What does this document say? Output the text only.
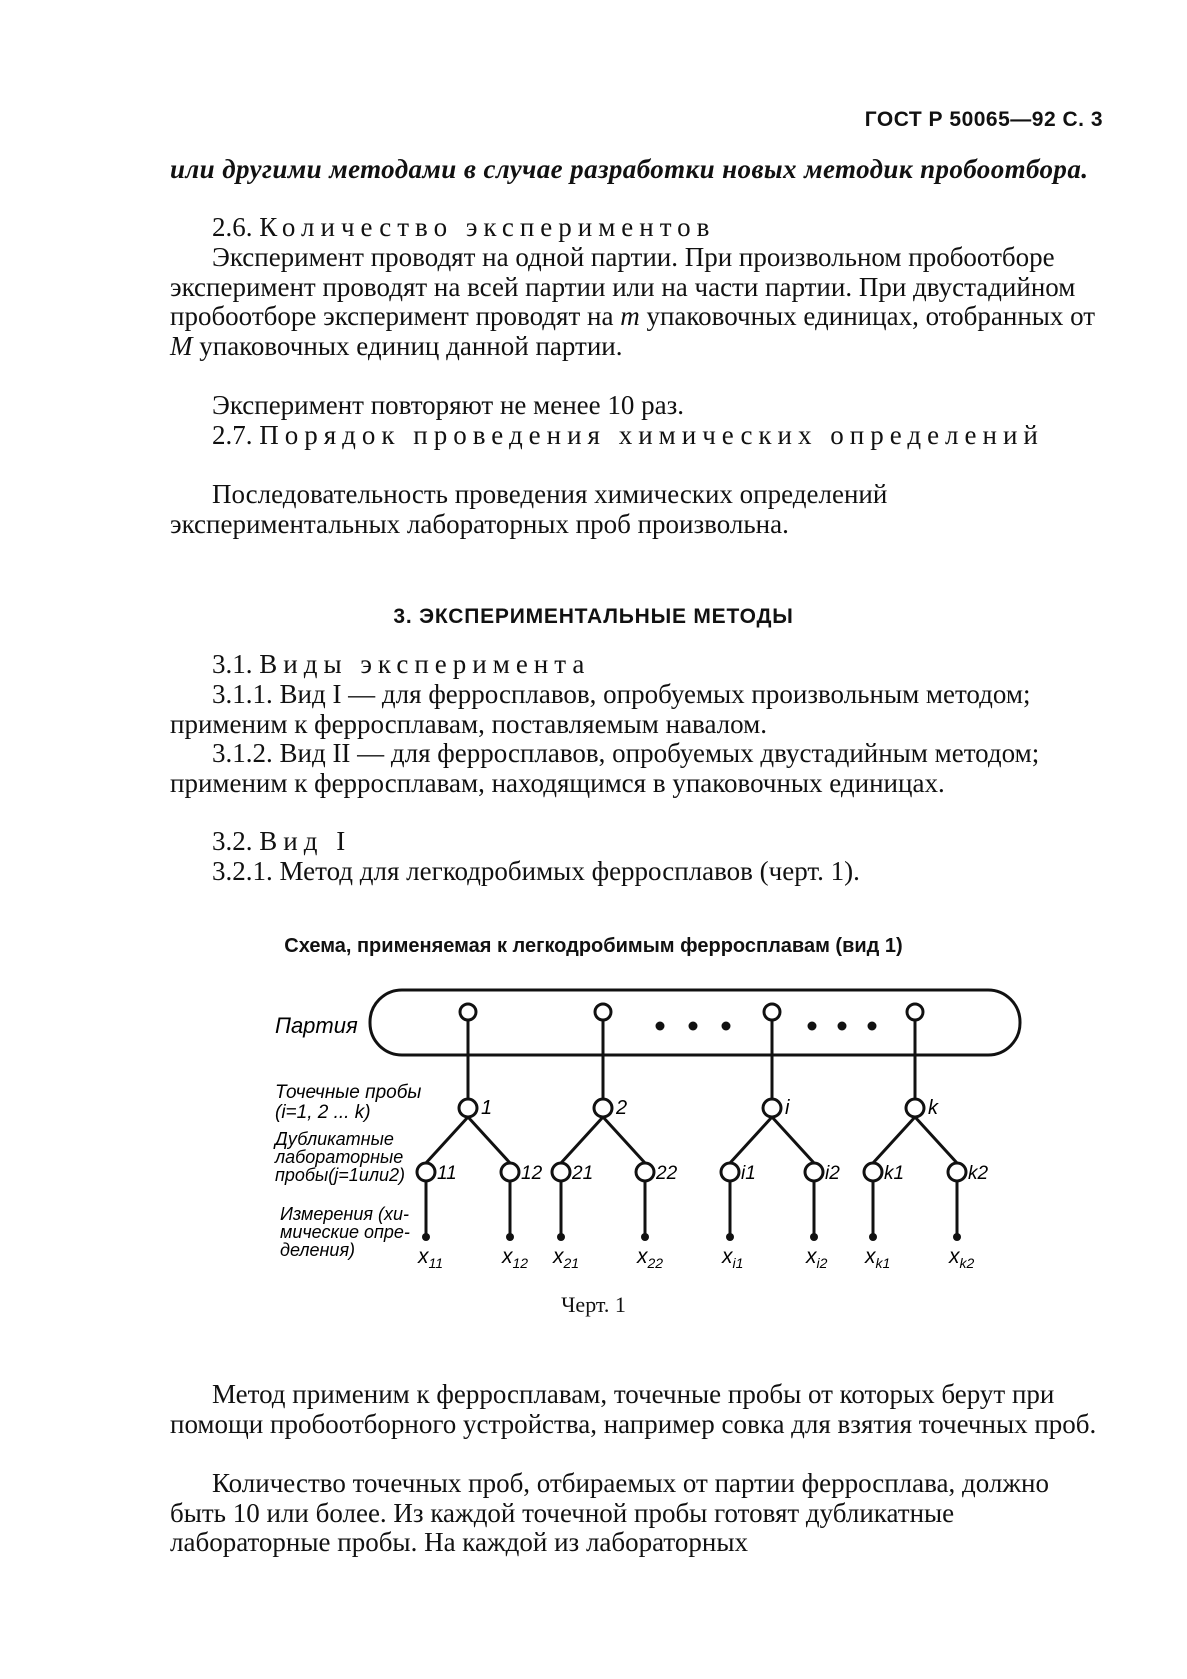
ГОСТ Р 50065—92 С. 3
или другими методами в случае разработки новых методик пробоотбора.
2.6. Количество экспериментов
Эксперимент проводят на одной партии. При произвольном пробоотборе эксперимент проводят на всей партии или на части партии. При двустадийном пробоотборе эксперимент проводят на m упаковочных единицах, отобранных от M упаковочных единиц данной партии.
Эксперимент повторяют не менее 10 раз.
2.7. Порядок проведения химических определений
Последовательность проведения химических определений экспериментальных лабораторных проб произвольна.
3. ЭКСПЕРИМЕНТАЛЬНЫЕ МЕТОДЫ
3.1. Виды эксперимента
3.1.1. Вид I — для ферросплавов, опробуемых произвольным методом; применим к ферросплавам, поставляемым навалом.
3.1.2. Вид II — для ферросплавов, опробуемых двустадийным методом; применим к ферросплавам, находящимся в упаковочных единицах.
3.2. Вид I
3.2.1. Метод для легкодробимых ферросплавов (черт. 1).
Схема, применяемая к легкодробимым ферросплавам (вид 1)
Партия
Точечные пробы
(i=1, 2 ... k)
Дубликатные
лабораторные
пробы(j=1или2)
Измерения (хи-
мические опре-
деления)
1
11
$x_{11}$
12
$x_{12}$
2
21
$x_{21}$
22
$x_{22}$
i
i1
$x_{i1}$
i2
$x_{i2}$
k
k1
$x_{k1}$
k2
$x_{k2}$
Черт. 1
Метод применим к ферросплавам, точечные пробы от которых берут при помощи пробоотборного устройства, например совка для взятия точечных проб.
Количество точечных проб, отбираемых от партии ферросплава, должно быть 10 или более. Из каждой точечной пробы готовят дубликатные лабораторные пробы. На каждой из лабораторных
